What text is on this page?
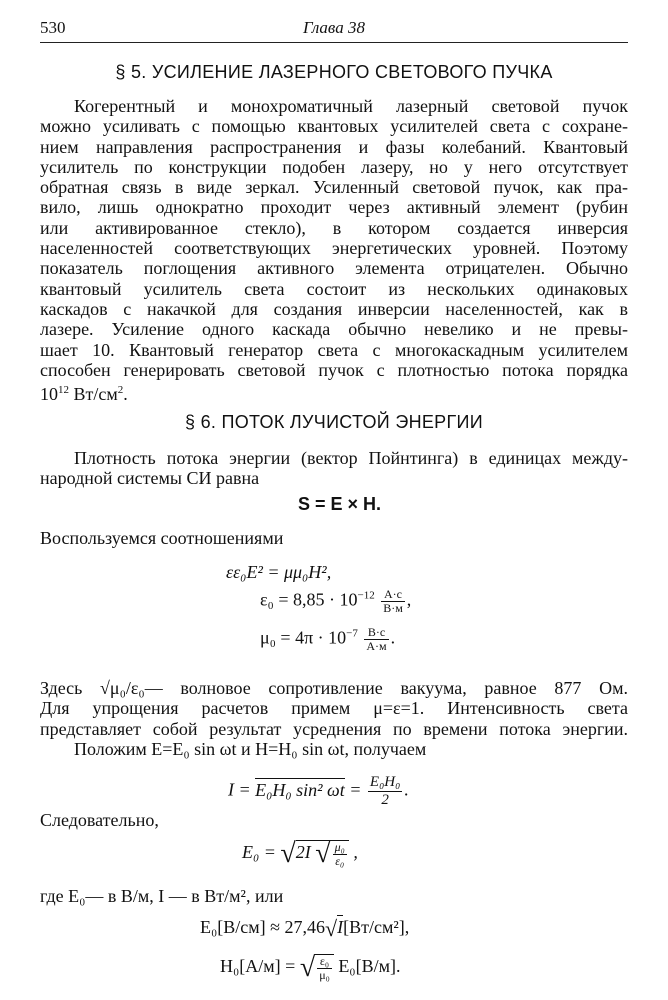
530	Глава 38
§ 5. УСИЛЕНИЕ ЛАЗЕРНОГО СВЕТОВОГО ПУЧКА
Когерентный и монохроматичный лазерный световой пучок
можно усиливать с помощью квантовых усилителей света с сохране-
нием направления распространения и фазы колебаний. Квантовый
усилитель по конструкции подобен лазеру, но у него отсутствует
обратная связь в виде зеркал. Усиленный световой пучок, как пра-
вило, лишь однократно проходит через активный элемент (рубин
или активированное стекло), в котором создается инверсия
населенностей соответствующих энергетических уровней. Поэтому
показатель поглощения активного элемента отрицателен. Обычно
квантовый усилитель света состоит из нескольких одинаковых
каскадов с накачкой для создания инверсии населенностей, как в
лазере. Усиление одного каскада обычно невелико и не превы-
шает 10. Квантовый генератор света с многокаскадным усилителем
способен генерировать световой пучок с плотностью потока порядка
$10^{12}$ $Вт/см^2$.
§ 6. ПОТОК ЛУЧИСТОЙ ЭНЕРГИИ
Плотность потока энергии (вектор Пойнтинга) в единицах между-
народной системы СИ равна
S = E × H.
Воспользуемся соотношениями
εε₀E² = μμ₀H²,
$\varepsilon_0 = 8,85 \cdot 10^{-12} \frac{А\cdot с}{В\cdot м}$ ,
$\mu_0 = 4\pi \cdot 10^{-7} \frac{В\cdot с}{А\cdot м}$ .
Здесь √μ₀/ε₀— волновое сопротивление вакуума, равное 877 Ом.
Для упрощения расчетов примем μ=ε=1. Интенсивность света
представляет собой результат усреднения по времени потока энергии.
Положим E=E₀ sin ωt и H=H₀ sin ωt, получаем
I = E₀H₀ sin² $\omega t = \frac{\text{E₀H₀}}{2}$ .
Следовательно,
E₀ = √2I √ $\frac{\text{μ₀}}{\text{ε₀}}$ ,
где E₀— в В/м, I — в Вт/м², или
E₀[В/см] ≈ 27,46√I[Вт/см²],
H₀[А/м] = √ $\frac{\text{ε₀}}{\text{μ₀}} E_0[В/м]$.
